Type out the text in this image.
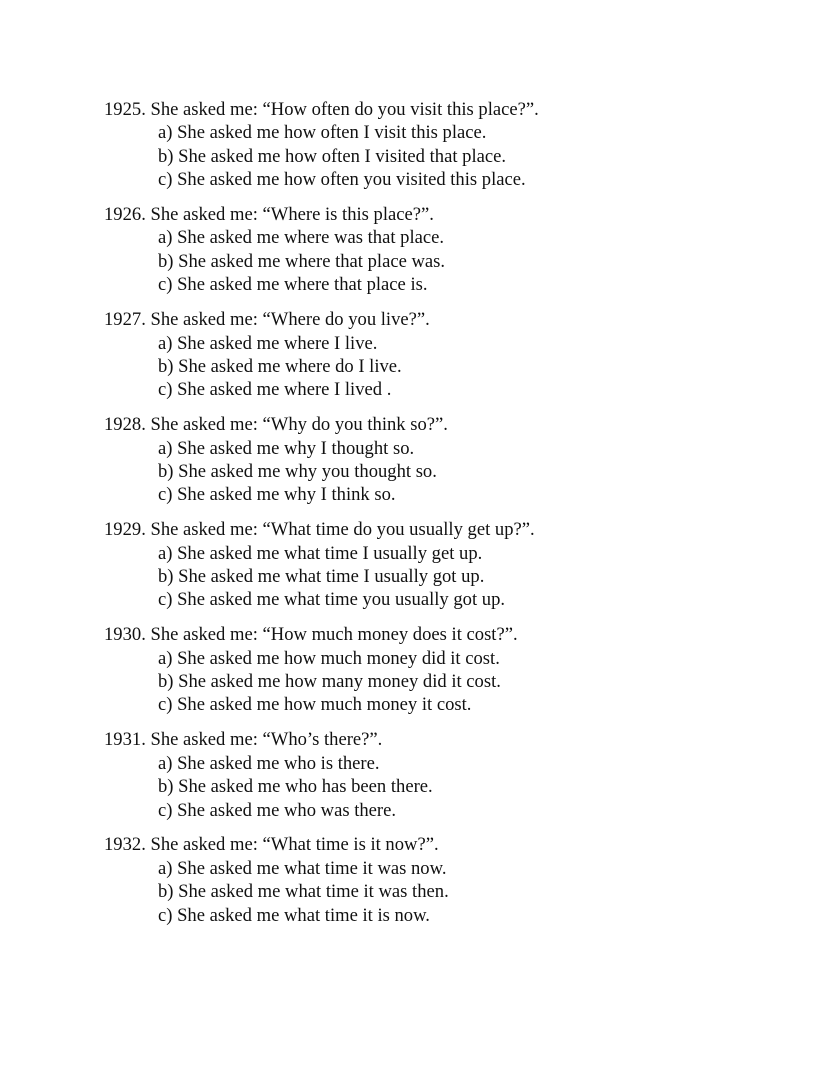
1925. She asked me: “How often do you visit this place?”.
a) She asked me how often I visit this place.
b) She asked me how often I visited that place.
c) She asked me how often you visited this place.
1926. She asked me: “Where is this place?”.
a) She asked me where was that place.
b) She asked me where that place was.
c) She asked me where that place is.
1927. She asked me: “Where do you live?”.
a) She asked me where I live.
b) She asked me where do I live.
c) She asked me where I lived .
1928. She asked me: “Why do you think so?”.
a) She asked me why I thought so.
b) She asked me why you thought so.
c) She asked me why I think so.
1929. She asked me: “What time do you usually get up?”.
a) She asked me what time I usually get up.
b) She asked me what time I usually got up.
c) She asked me what time you usually got up.
1930. She asked me: “How much money does it cost?”.
a) She asked me how much money did it cost.
b) She asked me how many money did it cost.
c) She asked me how much money it cost.
1931. She asked me: “Who’s there?”.
a) She asked me who is there.
b) She asked me who has been there.
c) She asked me who was there.
1932. She asked me: “What time is it now?”.
a) She asked me what time it was now.
b) She asked me what time it was then.
c) She asked me what time it is now.
